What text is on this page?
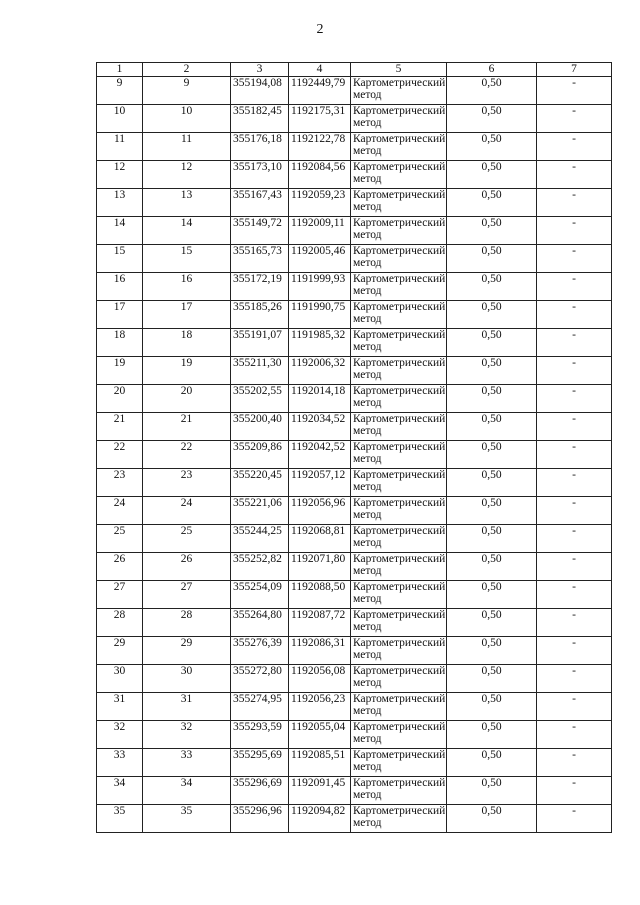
2
1	2	3	4	5	6	7
9	9	355194,08	1192449,79	Картометрический
метод	0,50	-
10	10	355182,45	1192175,31	Картометрический
метод	0,50	-
11	11	355176,18	1192122,78	Картометрический
метод	0,50	-
12	12	355173,10	1192084,56	Картометрический
метод	0,50	-
13	13	355167,43	1192059,23	Картометрический
метод	0,50	-
14	14	355149,72	1192009,11	Картометрический
метод	0,50	-
15	15	355165,73	1192005,46	Картометрический
метод	0,50	-
16	16	355172,19	1191999,93	Картометрический
метод	0,50	-
17	17	355185,26	1191990,75	Картометрический
метод	0,50	-
18	18	355191,07	1191985,32	Картометрический
метод	0,50	-
19	19	355211,30	1192006,32	Картометрический
метод	0,50	-
20	20	355202,55	1192014,18	Картометрический
метод	0,50	-
21	21	355200,40	1192034,52	Картометрический
метод	0,50	-
22	22	355209,86	1192042,52	Картометрический
метод	0,50	-
23	23	355220,45	1192057,12	Картометрический
метод	0,50	-
24	24	355221,06	1192056,96	Картометрический
метод	0,50	-
25	25	355244,25	1192068,81	Картометрический
метод	0,50	-
26	26	355252,82	1192071,80	Картометрический
метод	0,50	-
27	27	355254,09	1192088,50	Картометрический
метод	0,50	-
28	28	355264,80	1192087,72	Картометрический
метод	0,50	-
29	29	355276,39	1192086,31	Картометрический
метод	0,50	-
30	30	355272,80	1192056,08	Картометрический
метод	0,50	-
31	31	355274,95	1192056,23	Картометрический
метод	0,50	-
32	32	355293,59	1192055,04	Картометрический
метод	0,50	-
33	33	355295,69	1192085,51	Картометрический
метод	0,50	-
34	34	355296,69	1192091,45	Картометрический
метод	0,50	-
35	35	355296,96	1192094,82	Картометрический
метод	0,50	-
